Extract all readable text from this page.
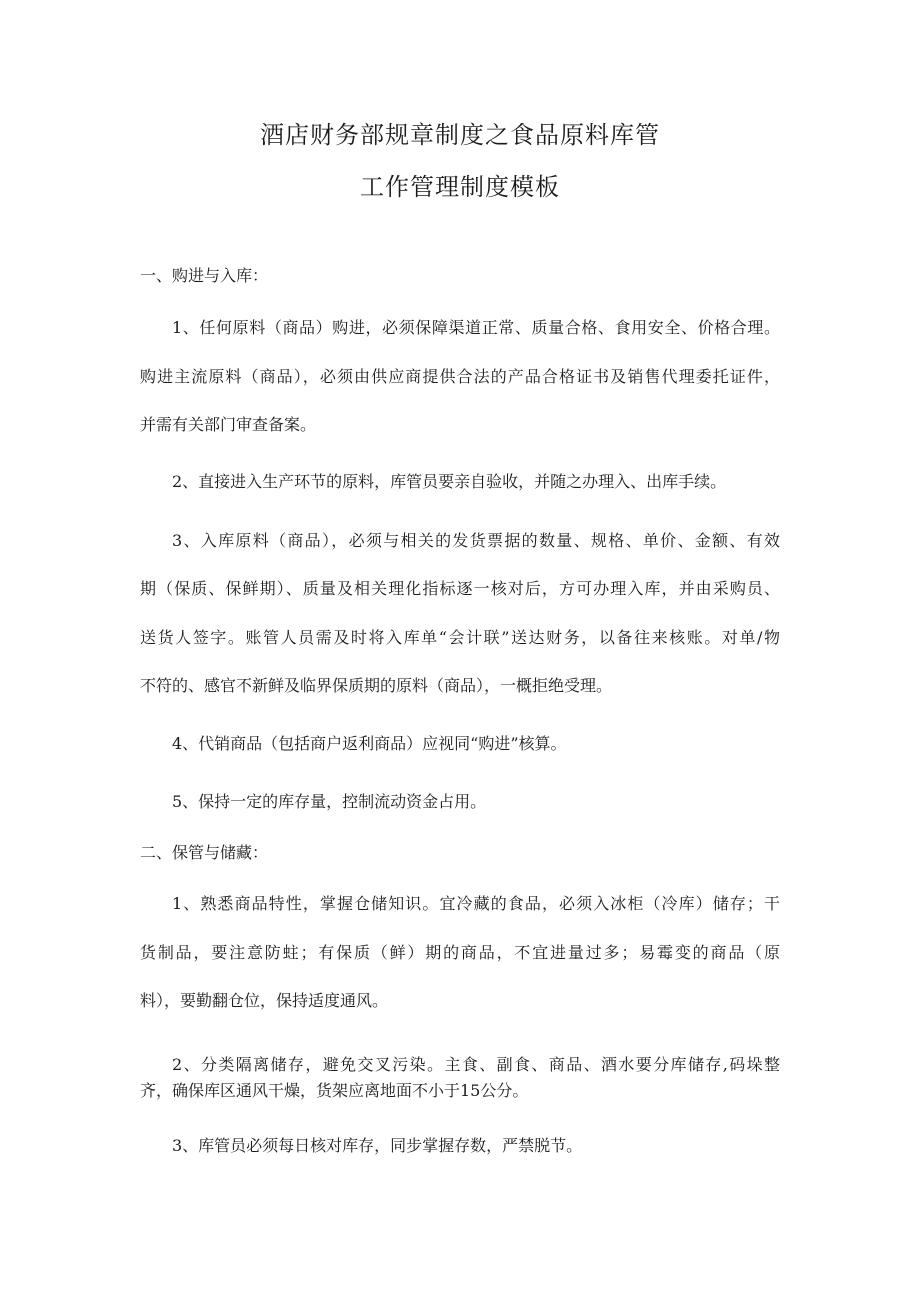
酒店财务部规章制度之食品原料库管
工作管理制度模板
一、购进与入库：
1、任何原料（商品）购进，必须保障渠道正常、质量合格、食用安全、价格合理。
购进主流原料（商品），必须由供应商提供合法的产品合格证书及销售代理委托证件，
并需有关部门审查备案。
2、直接进入生产环节的原料，库管员要亲自验收，并随之办理入、出库手续。
3、入库原料（商品），必须与相关的发货票据的数量、规格、单价、金额、有效
期（保质、保鲜期）、质量及相关理化指标逐一核对后，方可办理入库，并由采购员、
送货人签字。账管人员需及时将入库单“会计联”送达财务，以备往来核账。对单/物
不符的、感官不新鲜及临界保质期的原料（商品），一概拒绝受理。
4、代销商品（包括商户返利商品）应视同“购进”核算。
5、保持一定的库存量，控制流动资金占用。
二、保管与储藏：
1、熟悉商品特性，掌握仓储知识。宜冷藏的食品，必须入冰柜（冷库）储存；干
货制品，要注意防蛀；有保质（鲜）期的商品，不宜进量过多；易霉变的商品（原
料），要勤翻仓位，保持适度通风。
2、分类隔离储存，避免交叉污染。主食、副食、商品、酒水要分库储存,码垛整
齐，确保库区通风干燥，货架应离地面不小于15公分。
3、库管员必须每日核对库存，同步掌握存数，严禁脱节。
